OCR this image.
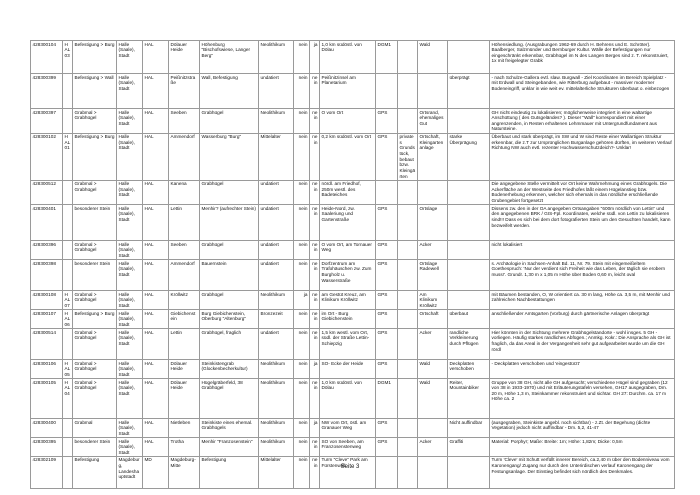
428300104	HAL03	Befestigung > Burg	Halle (Saale), Stadt	HAL	Dölauer Heide	Höhenburg "Bischofswiese, Langer Berg"	Neolithikum	nein	ja	1,0 km südöstl. von Dölau	DGM1		Wald		Höhensiedlung. (Ausgrabungen 1962-69 durch H. Behrens und E. Schröter). Baalberger, Salzmünder und Bernburger Kultur. Wälle der Befestigungen nur eingeschränkt erkennbar, Grabhügel im N des Langen Berges sind z. T. rekonstruiert, 1x mit freigelegter Grabk
428300399		Befestigung > Wall	Halle (Saale), Stadt	HAL	Peißnitzstraße	Wall, Befestigung	undatiert	nein	nein	Peißnitzinsel am Planetarium				überprägt	- nach Schulze-Gallera evtl. slaw. Burgwall - Ziel Koordinaten im Bereich Spielplatz - mit Erdwall und Steingebanden, wie Ritterburg aufgebaut - massiver moderner Bodeneingriff, unklar in wie weit ev. mittelalterliche Strukturen überbaut o. einbezogen
428300397		Grabmal > Grabhügel	Halle (Saale), Stadt	HAL	Seeben	Grabhügel	Neolithikum	nein	nein	O vom Ort	GPS		Ortsrand, ehemaliges Gut		GH nicht eindeutig zu lokalisieren; möglicherweise integriert in eine waltartige Anschüttung ( des Gutsgeländes? ). Dieser "Wall" korrespondiert mit einer angrenzenden, in Resten erhaltenen Lehmmauer mit Untergrundfundament aus Natursteine.
428300102	HAL01	Befestigung > Burg	Halle (Saale), Stadt	HAL	Ammendorf	Wasserburg "Burg"	Mittelalter	nein	nein	0,2 km südöstl. vom Ort	GPS	privates Grundstück, bebaut bzw. Kleingärten	Ortschaft, Kleingartenanlage	starke Überprägung	Überbaut und stark überprägt, im SW und W sind Reste einer Wallartigen Struktur erkennbar, die z.T zur Ursprünglichen Burganlage gehören dürften, im weiteren Verlauf Richtung NW auch evtl. rezenter Hochwasserschutzdeich?- Unklar!
428300512		Grabmal > Grabhügel	Halle (Saale), Stadt	HAL	Kanena	Grabhügel	undatiert	nein	nein	nördl. am Friedhof, 250m westl. des Badeteiches					Die angegebene Stelle vermittelt vor Ort keine Wahrnehmung eines Grabhügels. Die Ackerfläche an der Westseite des Friedhofes läßt einem Hügelanstieg bzw. Bodenerhebung erkennen, welcher sich ehemals in das nördliche erschließende Grubengebiet fortgesetzt
428300401		besonderer Stein	Halle (Saale), Stadt	HAL	Lettin	Menhir? (aufrechter Stein)	undatiert	nein	nein	Heide-Nord, zw. Saaleriung und Gartenstraße	GPS		Ortslage		Dissens zw. den in der OA angegeben Ortsangaben "600m nördlich von Lettin" und den angegebenen BRK / GIS-Fpl. Koordinaten, welche südl. von Lettin zu lokalisieren sind!!! Dass es sich bei dem dort fotografierten Stein um den Gesuchten handelt, kann bezweifelt werden.
428300396		Grabmal > Grabhügel	Halle (Saale), Stadt	HAL	Seeben	Grabhügel	undatiert	nein	nein	O vom Ort, am Tornauer Weg	GPS		Acker		nicht lokalisiert
428300398		besonderer Stein	Halle (Saale), Stadt	HAL	Ammendorf	Bauernstein	undatiert	nein	nein	Dorfzentrum am Trafohäuschen zw. Zum Burgholz u. Wasserstraße	GPS		Ortslage Radewell		s. Archäologie in Sachsen-Anhalt Bd. 11, Nr. 79. Stein mit eingemeißeltem Goethespruch: 'Nur der verdient sich Freiheit wie das Leben, der täglich sie erobern muss!'. Grundr. 1,30 m x 1,05 m Höhe über Boden 0,60 m, leicht oval
428300108	HAL07	Grabmal > Grabhügel	Halle (Saale), Stadt	HAL	Kröllwitz	Grabhügel	Neolithikum	ja	nein	am Gestüt Kreuz, am Klinikum Kröllwitz	GPS		Am Klinikum Kröllwitz		mit Bäumen bestanden, O, W orientiert ca. 30 m lang, Höhe ca. 3,5 m, mit Menhir und zahlreichen Nachbestattungen
428300107	HAL06	Befestigung > Burg	Halle (Saale), Stadt	HAL	Giebichenstein	Burg Giebichenstein, Oberburg "Altenburg"	Bronzezeit	nein	nein	im Ort - Burg Giebichenstein	GPS		Ortschaft	überbaut	anschließender Amtsgarten (Vorburg) durch gärtnerische Anlagen überprägt
428300514		Grabmal > Grabhügel	Halle (Saale), Stadt	HAL	Lettin	Grabhügel, fraglich	undatiert	nein	nein	1,5 km westl. vom Ort, südl. der Straße Lettin-Schiepzig	GPS		Acker	randliche Verkleinerung durch Pflügen	Hier könnten in der Sichtung mehrere Grabhügelstandorte - wohl insges. 5 GH - vorliegen. Häufig starkes randliches Abfügen.; Anmkg. Kokr.: Die Ansprache als GH ist fraglich, da das Areal in der Vergangenheit sehr gut aufgearbeitet wurde um die GH rördl
428300106	HAL05	Grabmal > Grabhügel	Halle (Saale), Stadt	HAL	Dölauer Heide	Steinkistengrab (Glockenbecherkultur)	Neolithikum	nein	ja	SO- Ecke der Heide	GPS		Wald	Deckplatten verschoben	- Deckplatten verschoben und 'eingestürzt'
428300105	HAL04	Grabmal > Grabhügel	Halle (Saale), Stadt	HAL	Dölauer Heide	Hügelgräberfeld, 38 Grabhügel	Neolithikum	nein	nein	1,0 km südöstl. von Dölau	DGM1		Wald	Reiter, Mountainbiker	Gruppe von 38 GH, nicht alle GH aufgesucht; verschiedene Hügel sind gegraben (12 von 38 in 1933-1970) und mit Erläuterungstafeln versehen, GH17 ausgegraben, Dm. 20 m, Höhe 1,3 m, Steinkammer rekonstruiert und sichtar. GH 27: Durchm. ca. 17 m Höhe ca. 2
428300400		Grabmal	Halle (Saale), Stadt	HAL	Nietleben	Steinkiste eines ehemal. Grabhügels	Neolithikum	nein	ja	NW vom Ort, östl. am Granauer Weg	GPS			Nicht auffindbar	(ausgegraben, Steinkiste angebl. noch sichtbar) - z.Zt. der Begehung (dichte Vegetation) jedoch nicht auffindbar - Dm. 5,2, 41-47
428300395		besonderer Stein	Halle (Saale), Stadt	HAL	Trotha	Menhir "Franzosenstein"	Neolithikum	nein	nein	SO von Seeben, am Franzosenstenweg	GPS		Acker	Graffiti	Material: Porphyr; Maße: Breite: 1m; Höhe: 1,82m; Dicke: 0,5m
428302109		Befestigung	Magdeburg, Landeshauptstadt	MD	Magdeburg-Mitte	Befestigung	Mittelalter	nein	nein	Turm "Cleve" Park am Fürstenwall					Turm 'Cleve' mit Schutt verfüllt innerer Bereich, ca.2,40 m über den Bodenniveau vom Karonengang/ Zugang nur durch den Unterirdischen verlauf Karonengang der Festungsanlage. Der Einstieg befindet sich nördlich des Denkmales.
Seite 3
